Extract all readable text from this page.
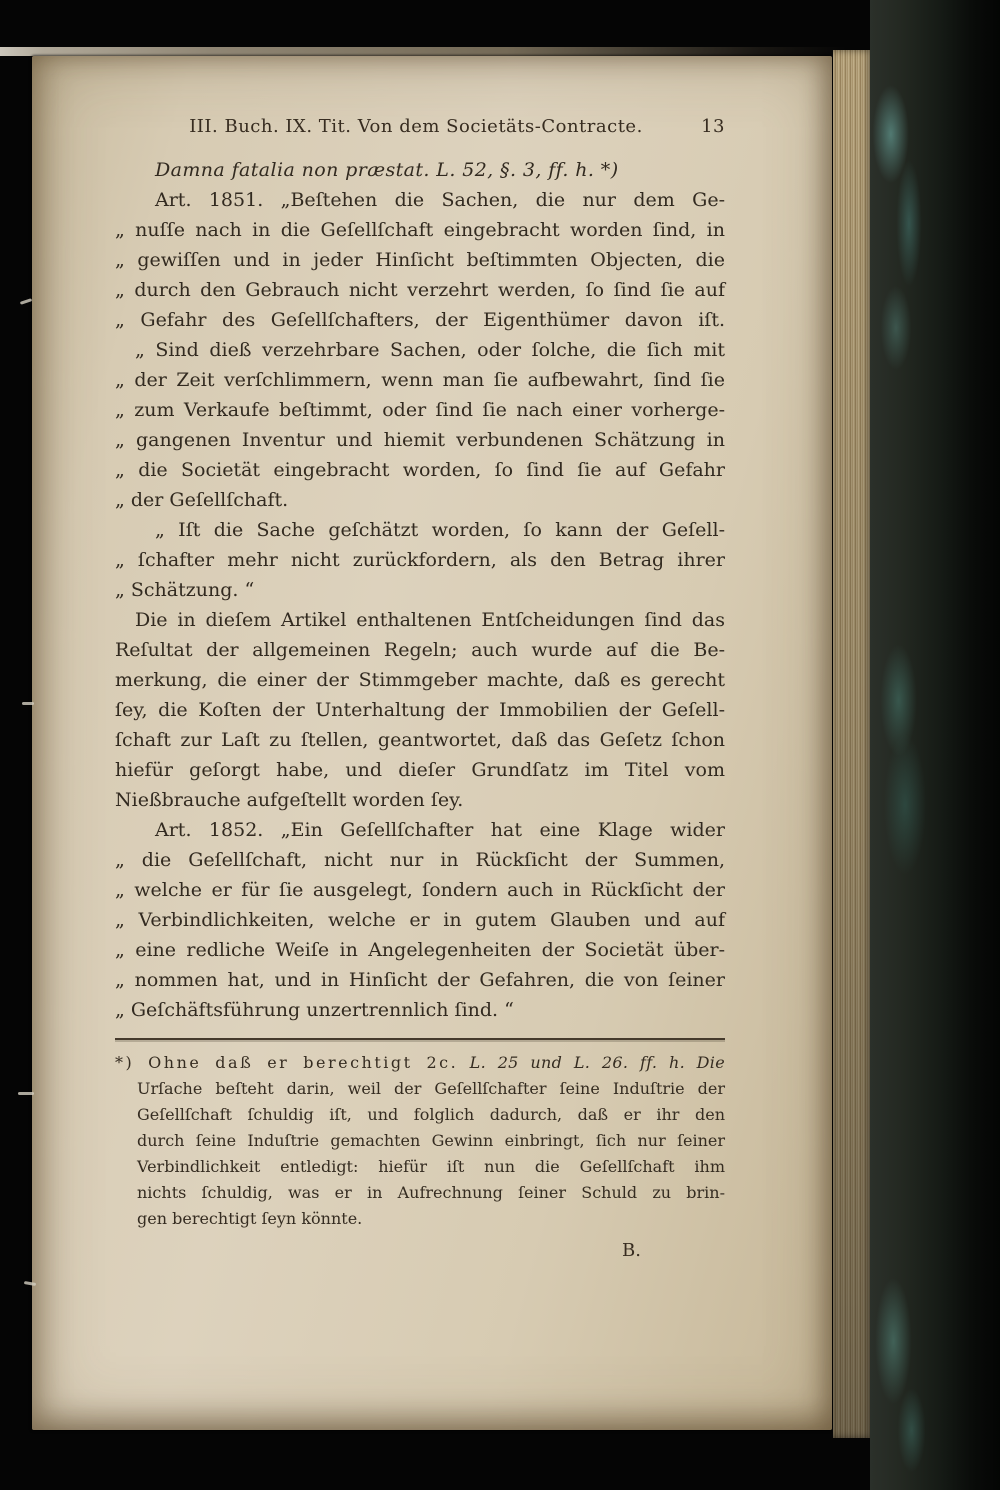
III. Buch. IX. Tit. Von dem Societäts-Contracte.	13
Damna fatalia non præstat. L. 52, §. 3, ff. h. *)
Art. 1851. „Beſtehen die Sachen, die nur dem Ge-
„ nuſſe nach in die Geſellſchaft eingebracht worden ſind, in
„ gewiſſen und in jeder Hinſicht beſtimmten Objecten, die
„ durch den Gebrauch nicht verzehrt werden, ſo ſind ſie auf
„ Gefahr des Geſellſchafters, der Eigenthümer davon iſt.
„ Sind dieß verzehrbare Sachen, oder ſolche, die ſich mit
„ der Zeit verſchlimmern, wenn man ſie aufbewahrt, ſind ſie
„ zum Verkaufe beſtimmt, oder ſind ſie nach einer vorherge-
„ gangenen Inventur und hiemit verbundenen Schätzung in
„ die Societät eingebracht worden, ſo ſind ſie auf Gefahr
„ der Geſellſchaft.
„ Iſt die Sache geſchätzt worden, ſo kann der Geſell-
„ ſchafter mehr nicht zurückfordern, als den Betrag ihrer
„ Schätzung. “
Die in dieſem Artikel enthaltenen Entſcheidungen ſind das
Reſultat der allgemeinen Regeln; auch wurde auf die Be-
merkung, die einer der Stimmgeber machte, daß es gerecht
ſey, die Koſten der Unterhaltung der Immobilien der Geſell-
ſchaft zur Laſt zu ſtellen, geantwortet, daß das Geſetz ſchon
hiefür geſorgt habe, und dieſer Grundſatz im Titel vom
Nießbrauche aufgeſtellt worden ſey.
Art. 1852. „Ein Geſellſchafter hat eine Klage wider
„ die Geſellſchaft, nicht nur in Rückſicht der Summen,
„ welche er für ſie ausgelegt, ſondern auch in Rückſicht der
„ Verbindlichkeiten, welche er in gutem Glauben und auf
„ eine redliche Weiſe in Angelegenheiten der Societät über-
„ nommen hat, und in Hinſicht der Gefahren, die von ſeiner
„ Geſchäftsführung unzertrennlich ſind. “
*) Ohne daß er berechtigt 2c. L. 25 und L. 26. ff. h. Die
Urſache beſteht darin, weil der Geſellſchafter ſeine Induſtrie der
Geſellſchaft ſchuldig iſt, und folglich dadurch, daß er ihr den
durch ſeine Induſtrie gemachten Gewinn einbringt, ſich nur ſeiner
Verbindlichkeit entledigt: hiefür iſt nun die Geſellſchaft ihm
nichts ſchuldig, was er in Aufrechnung ſeiner Schuld zu brin-
gen berechtigt ſeyn könnte.
B.
